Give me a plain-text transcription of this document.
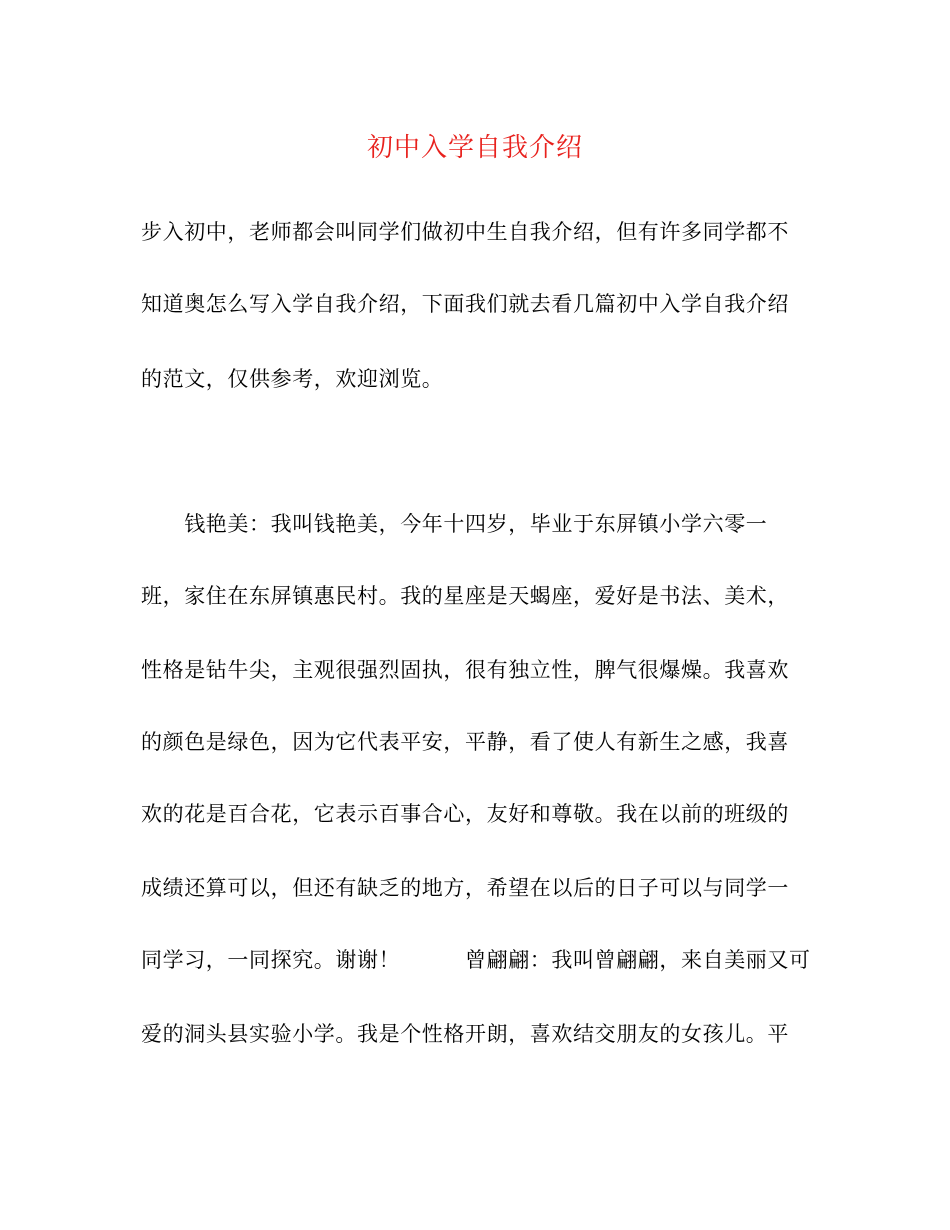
初中入学自我介绍
步入初中，老师都会叫同学们做初中生自我介绍，但有许多同学都不
知道奥怎么写入学自我介绍，下面我们就去看几篇初中入学自我介绍
的范文，仅供参考，欢迎浏览。
　　钱艳美：我叫钱艳美，今年十四岁，毕业于东屏镇小学六零一
班，家住在东屏镇惠民村。我的星座是天蝎座，爱好是书法、美术，
性格是钻牛尖，主观很强烈固执，很有独立性，脾气很爆燥。我喜欢
的颜色是绿色，因为它代表平安，平静，看了使人有新生之感，我喜
欢的花是百合花，它表示百事合心，友好和尊敬。我在以前的班级的
成绩还算可以，但还有缺乏的地方，希望在以后的日子可以与同学一
同学习，一同探究。谢谢！　　　曾翩翩：我叫曾翩翩，来自美丽又可
爱的洞头县实验小学。我是个性格开朗，喜欢结交朋友的女孩儿。平
